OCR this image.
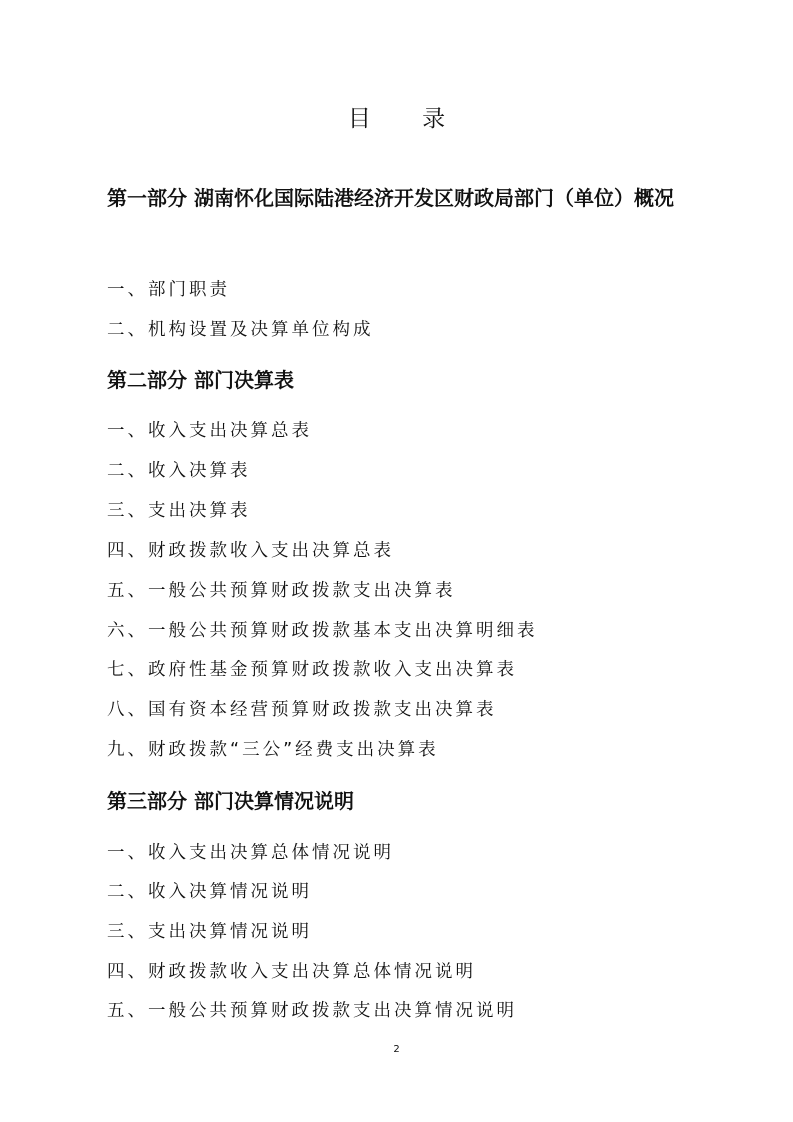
目 录
第一部分 湖南怀化国际陆港经济开发区财政局部门（单位）概况
一、部门职责
二、机构设置及决算单位构成
第二部分 部门决算表
一、收入支出决算总表
二、收入决算表
三、支出决算表
四、财政拨款收入支出决算总表
五、一般公共预算财政拨款支出决算表
六、一般公共预算财政拨款基本支出决算明细表
七、政府性基金预算财政拨款收入支出决算表
八、国有资本经营预算财政拨款支出决算表
九、财政拨款“三公”经费支出决算表
第三部分 部门决算情况说明
一、收入支出决算总体情况说明
二、收入决算情况说明
三、支出决算情况说明
四、财政拨款收入支出决算总体情况说明
五、一般公共预算财政拨款支出决算情况说明
2
